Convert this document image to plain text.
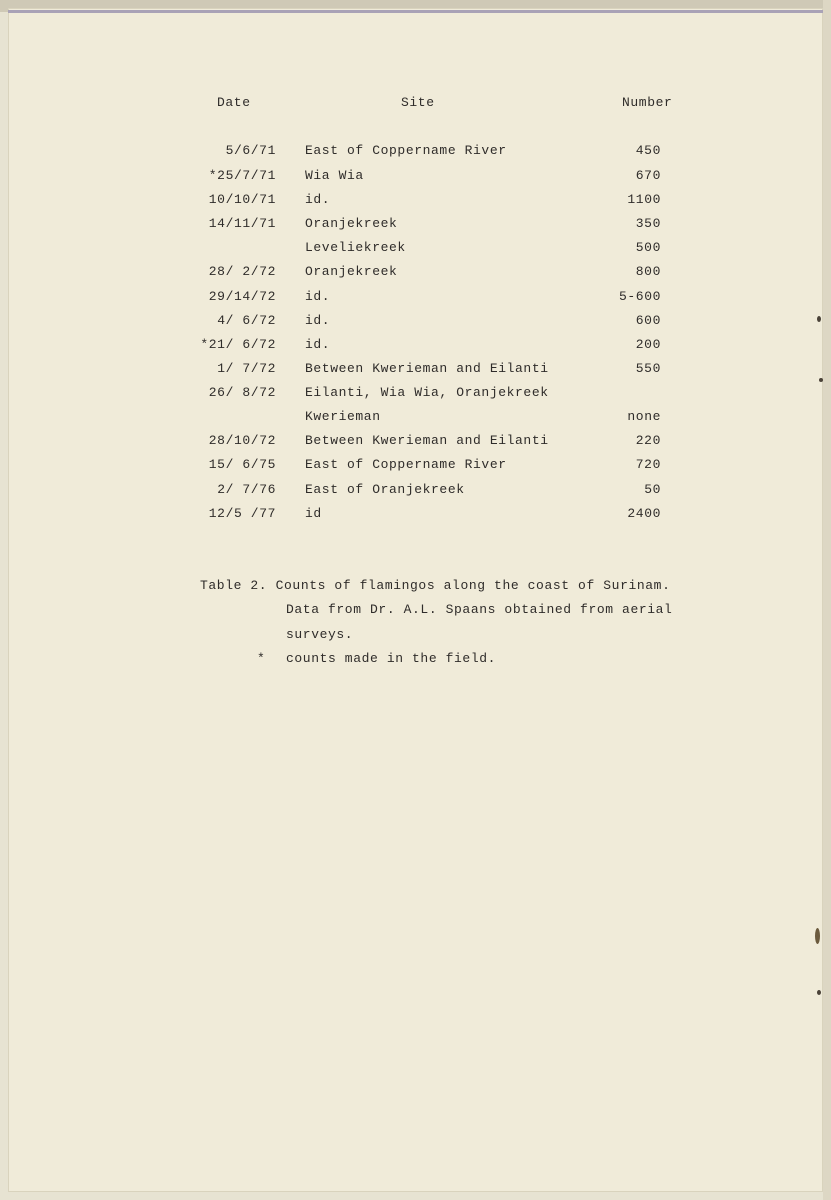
Date	Site	Number
5/6/71 East of Coppername River	450
*25/7/71 Wia Wia	670
10/10/71 id.	1100
14/11/71 Oranjekreek	350
Leveliekreek	500
28/ 2/72 Oranjekreek	800
29/14/72 id.	5-600
4/ 6/72 id.	600
*21/ 6/72 id.	200
1/ 7/72 Between Kwerieman and Eilanti	550
26/ 8/72 Eilanti, Wia Wia, Oranjekreek
Kwerieman	none
28/10/72 Between Kwerieman and Eilanti	220
15/ 6/75 East of Coppername River	720
2/ 7/76 East of Oranjekreek	50
12/5 /77 id	2400
Table 2. Counts of flamingos along the coast of Surinam.
Data from Dr. A.L. Spaans obtained from aerial
surveys.
* counts made in the field.
